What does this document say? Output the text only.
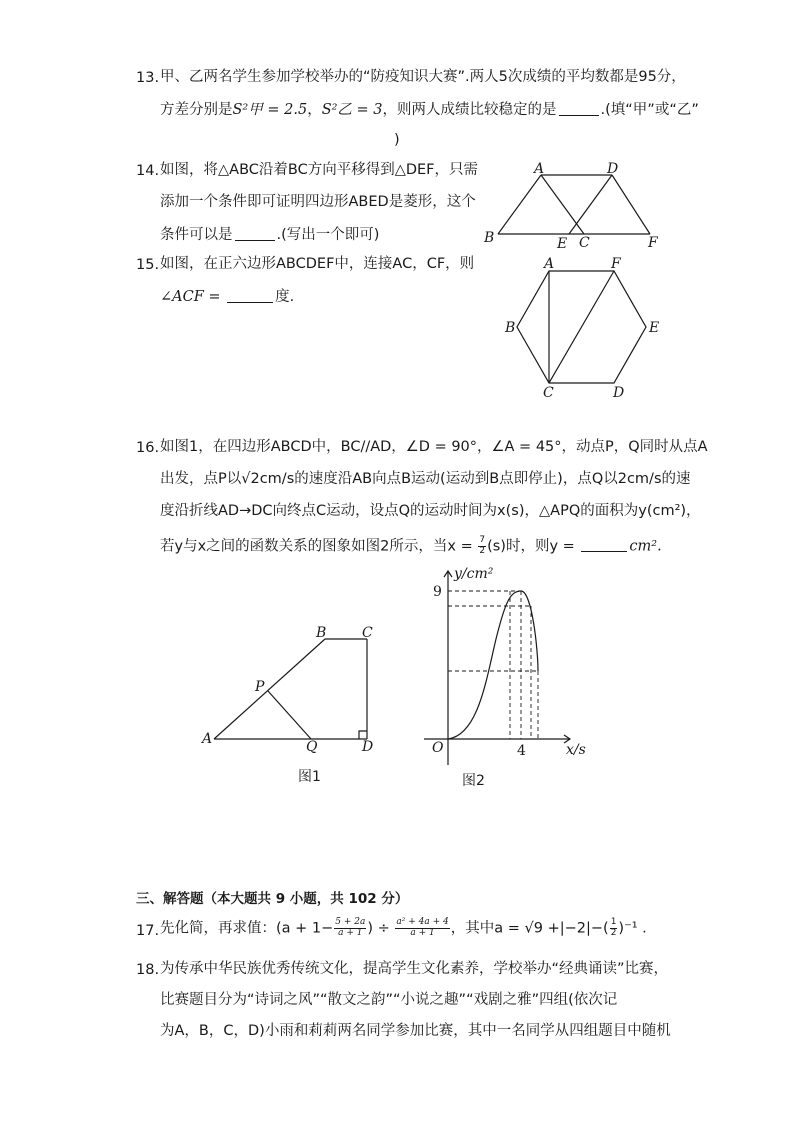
13. 甲、乙两名学生参加学校举办的“防疫知识大赛”.两人5次成绩的平均数都是95分，
方差分别是S²甲 = 2.5，S²乙 = 3，则两人成绩比较稳定的是	.(填“甲”或“乙”
)
14. 如图，将△ABC沿着BC方向平移得到△DEF，只需
添加一个条件即可证明四边形ABED是菱形，这个
条件可以是	.(写出一个即可)
A	D
B	E C	F
15. 如图，在正六边形ABCDEF中，连接AC，CF，则
∠ACF =	度.
A	F
B	E
C	D
16. 如图1，在四边形ABCD中，BC//AD，∠D = 90°，∠A = 45°，动点P，Q同时从点A
出发，点P以√2cm/s的速度沿AB向点B运动(运动到B点即停止)，点Q以2cm/s的速
度沿折线AD→DC向终点C运动，设点Q的运动时间为x(s)，△APQ的面积为y(cm²)，
若y与x之间的函数关系的图象如图2所示，当$x = \frac{7}{2} (s)$时，则y =	cm².
A
B	C
D
P
Q
图1
y/cm²
x/s
O
9
4
图2
三、解答题（本大题共 9 小题，共 102 分）
17. 先化简，再求值：($a + 1- \frac{5 + 2a}{a + 1}$ ) ÷ $\frac{\text{a² + 4a + 4}}{a + 1}$ ，其中$a = √9 +|-2|-( \frac{1}{2} )^{-1}$ .
18. 为传承中华民族优秀传统文化，提高学生文化素养，学校举办“经典诵读”比赛，
比赛题目分为“诗词之风”“散文之韵”“小说之趣”“戏剧之雅”四组(依次记
为A，B，C，D)小雨和莉莉两名同学参加比赛，其中一名同学从四组题目中随机
